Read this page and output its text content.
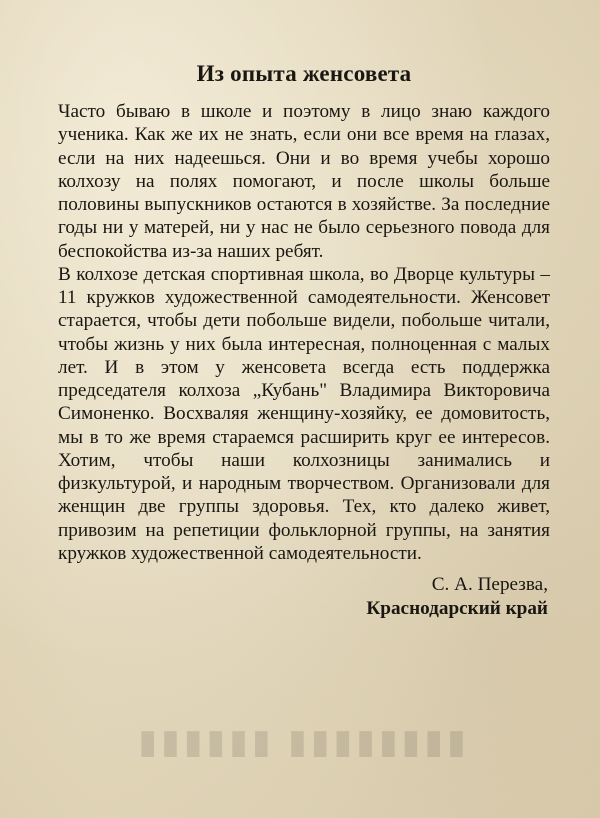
▮▮▮▮▮▮▮▮ ▮▮▮▮▮▮
Из опыта женсовета

Часто бываю в школе и поэтому в лицо знаю каждого ученика. Как же их не знать, если они все время на глазах, если на них надеешься. Они и во время учебы хорошо колхозу на полях помогают, и после школы больше половины выпускников остаются в хозяйстве. За последние годы ни у матерей, ни у нас не было серьезного повода для беспокойства из-за наших ребят.

В колхозе детская спортивная школа, во Дворце культуры – 11 кружков художественной самодеятельности. Женсовет старается, чтобы дети побольше видели, побольше читали, чтобы жизнь у них была интересная, полноценная с малых лет. И в этом у женсовета всегда есть поддержка председателя колхоза „Кубань" Владимира Викторовича Симоненко. Восхваляя женщину-хозяйку, ее домовитость, мы в то же время стараемся расширить круг ее интересов. Хотим, чтобы наши колхозницы занимались и физкультурой, и народным творчеством. Организовали для женщин две группы здоровья. Тех, кто далеко живет, привозим на репетиции фольклорной группы, на занятия кружков художественной самодеятельности.

С. А. Перезва,
Краснодарский край
